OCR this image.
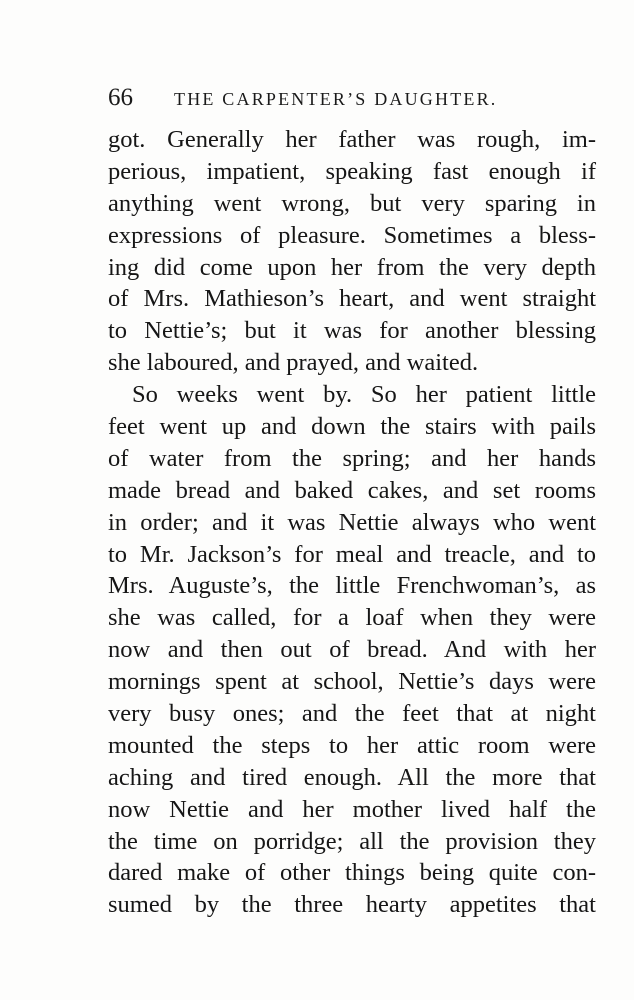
66 THE CARPENTER’S DAUGHTER.
got. Generally her father was rough, im-
perious, impatient, speaking fast enough if
anything went wrong, but very sparing in
expressions of pleasure. Sometimes a bless-
ing did come upon her from the very depth
of Mrs. Mathieson’s heart, and went straight
to Nettie’s; but it was for another blessing
she laboured, and prayed, and waited.
So weeks went by. So her patient little
feet went up and down the stairs with pails
of water from the spring; and her hands
made bread and baked cakes, and set rooms
in order; and it was Nettie always who went
to Mr. Jackson’s for meal and treacle, and to
Mrs. Auguste’s, the little Frenchwoman’s, as
she was called, for a loaf when they were
now and then out of bread. And with her
mornings spent at school, Nettie’s days were
very busy ones; and the feet that at night
mounted the steps to her attic room were
aching and tired enough. All the more that
now Nettie and her mother lived half the
the time on porridge; all the provision they
dared make of other things being quite con-
sumed by the three hearty appetites that
